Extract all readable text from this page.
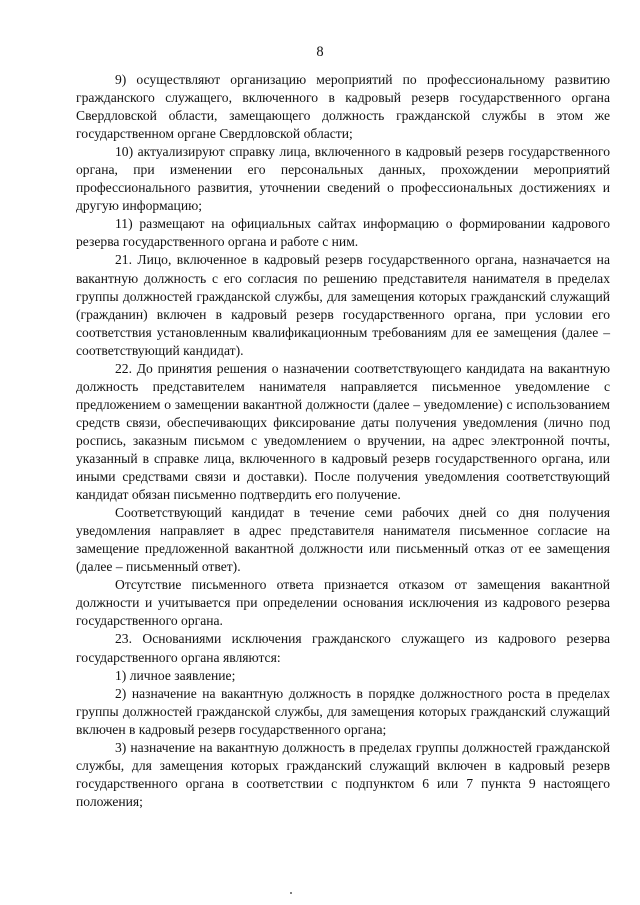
8

9) осуществляют организацию мероприятий по профессиональному развитию гражданского служащего, включенного в кадровый резерв государственного органа Свердловской области, замещающего должность гражданской службы в этом же государственном органе Свердловской области;

10) актуализируют справку лица, включенного в кадровый резерв государственного органа, при изменении его персональных данных, прохождении мероприятий профессионального развития, уточнении сведений о профессиональных достижениях и другую информацию;

11) размещают на официальных сайтах информацию о формировании кадрового резерва государственного органа и работе с ним.

21. Лицо, включенное в кадровый резерв государственного органа, назначается на вакантную должность с его согласия по решению представителя нанимателя в пределах группы должностей гражданской службы, для замещения которых гражданский служащий (гражданин) включен в кадровый резерв государственного органа, при условии его соответствия установленным квалификационным требованиям для ее замещения (далее – соответствующий кандидат).

22. До принятия решения о назначении соответствующего кандидата на вакантную должность представителем нанимателя направляется письменное уведомление с предложением о замещении вакантной должности (далее – уведомление) с использованием средств связи, обеспечивающих фиксирование даты получения уведомления (лично под роспись, заказным письмом с уведомлением о вручении, на адрес электронной почты, указанный в справке лица, включенного в кадровый резерв государственного органа, или иными средствами связи и доставки). После получения уведомления соответствующий кандидат обязан письменно подтвердить его получение.

Соответствующий кандидат в течение семи рабочих дней со дня получения уведомления направляет в адрес представителя нанимателя письменное согласие на замещение предложенной вакантной должности или письменный отказ от ее замещения (далее – письменный ответ).

Отсутствие письменного ответа признается отказом от замещения вакантной должности и учитывается при определении основания исключения из кадрового резерва государственного органа.

23. Основаниями исключения гражданского служащего из кадрового резерва государственного органа являются:

1) личное заявление;

2) назначение на вакантную должность в порядке должностного роста в пределах группы должностей гражданской службы, для замещения которых гражданский служащий включен в кадровый резерв государственного органа;

3) назначение на вакантную должность в пределах группы должностей гражданской службы, для замещения которых гражданский служащий включен в кадровый резерв государственного органа в соответствии с подпунктом 6 или 7 пункта 9 настоящего положения;
